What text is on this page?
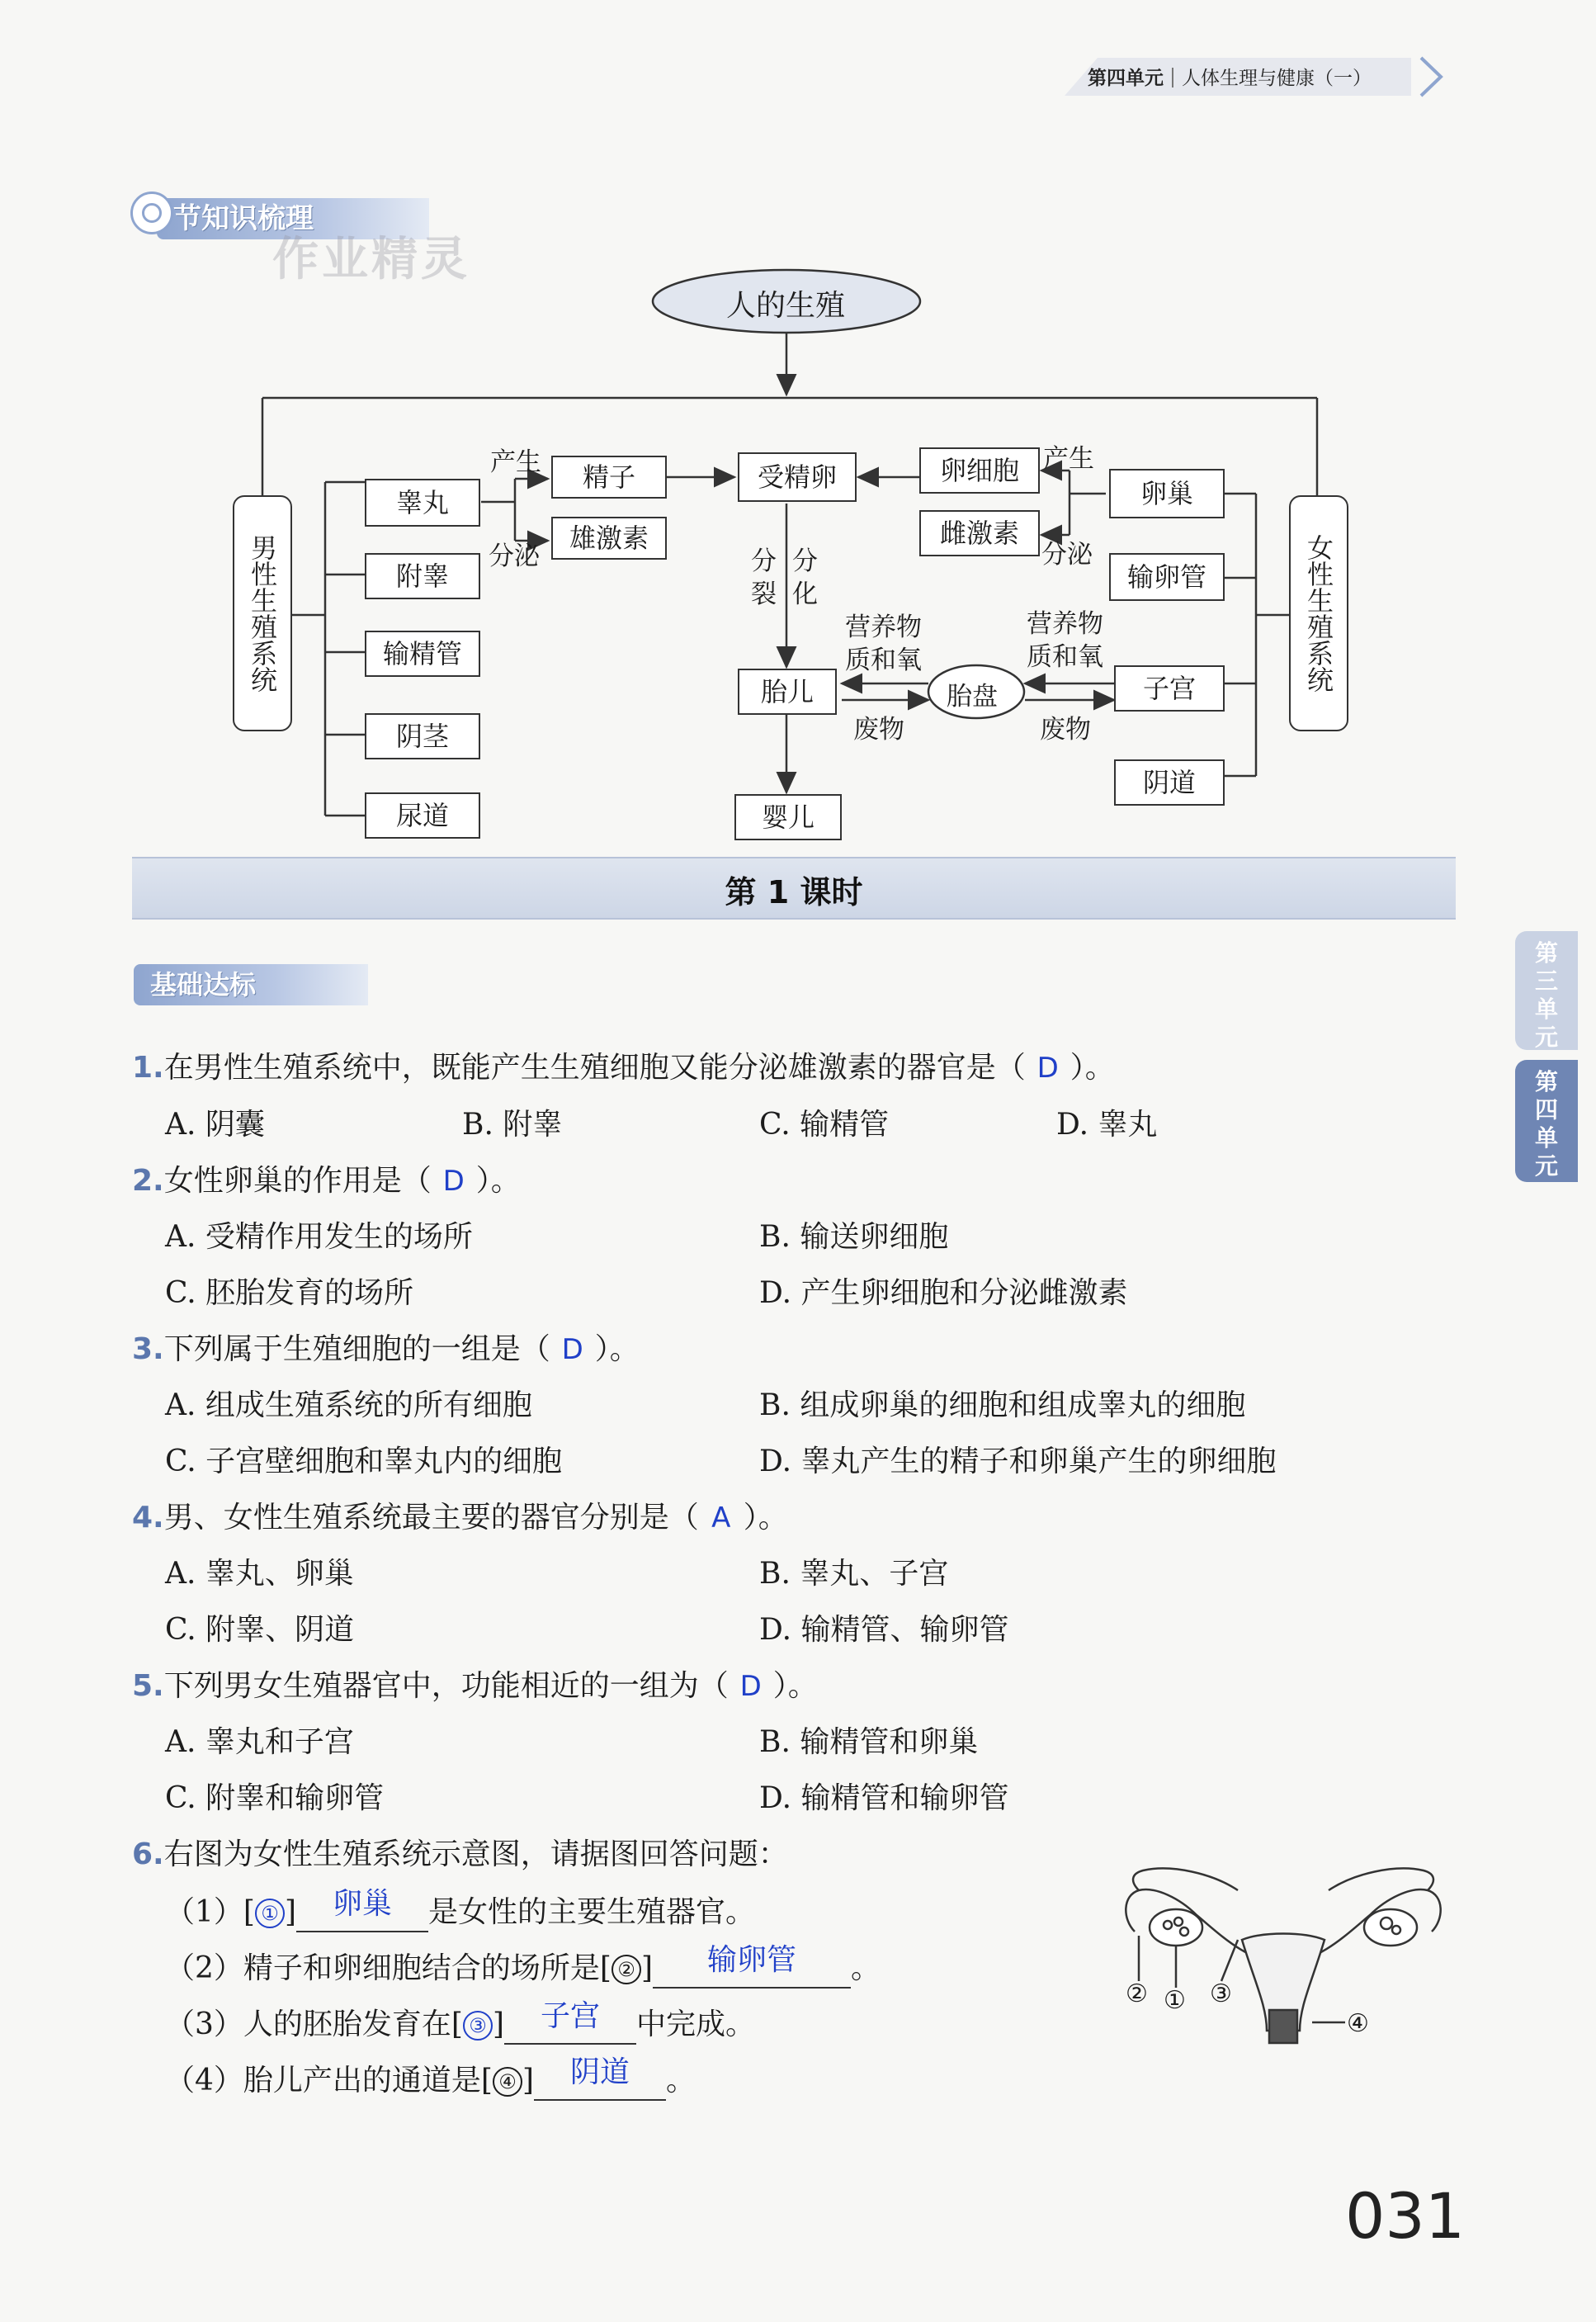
第四单元 人体生理与健康（一）
节知识梳理
作业精灵
人的生殖
男性生殖系统	女性生殖系统
睾丸
附睾
输精管
阴茎
尿道
精子
雄激素
受精卵
胎儿	胎盘
婴儿
卵细胞
雌激素
卵巢
输卵管
子宫
阴道
产生
分泌
产生
分泌
分裂
分化
营养物
质和氧
营养物
质和氧
废物	废物
第 1 课时
基础达标
1.在男性生殖系统中，既能产生生殖细胞又能分泌雄激素的器官是（ D ）。
A. 阴囊	B. 附睾	C. 输精管	D. 睾丸
2.女性卵巢的作用是（ D ）。
A. 受精作用发生的场所	B. 输送卵细胞
C. 胚胎发育的场所	D. 产生卵细胞和分泌雌激素
3.下列属于生殖细胞的一组是（ D ）。
A. 组成生殖系统的所有细胞	B. 组成卵巢的细胞和组成睾丸的细胞
C. 子宫壁细胞和睾丸内的细胞	D. 睾丸产生的精子和卵巢产生的卵细胞
4.男、女性生殖系统最主要的器官分别是（ A ）。
A. 睾丸、卵巢	B. 睾丸、子宫
C. 附睾、阴道	D. 输精管、输卵管
5.下列男女生殖器官中，功能相近的一组为（ D ）。
A. 睾丸和子宫	B. 输精管和卵巢
C. 附睾和输卵管	D. 输精管和输卵管
6.右图为女性生殖系统示意图，请据图回答问题：
（1）[ ① ] 卵巢 是女性的主要生殖器官。
（2）精子和卵细胞结合的场所是[ ② ] 输卵管 。
（3）人的胚胎发育在[ ③ ] 子宫 中完成。
（4）胎儿产出的通道是[ ④ ] 阴道 。
② ① ③
④
第三单元
第四单元
031
